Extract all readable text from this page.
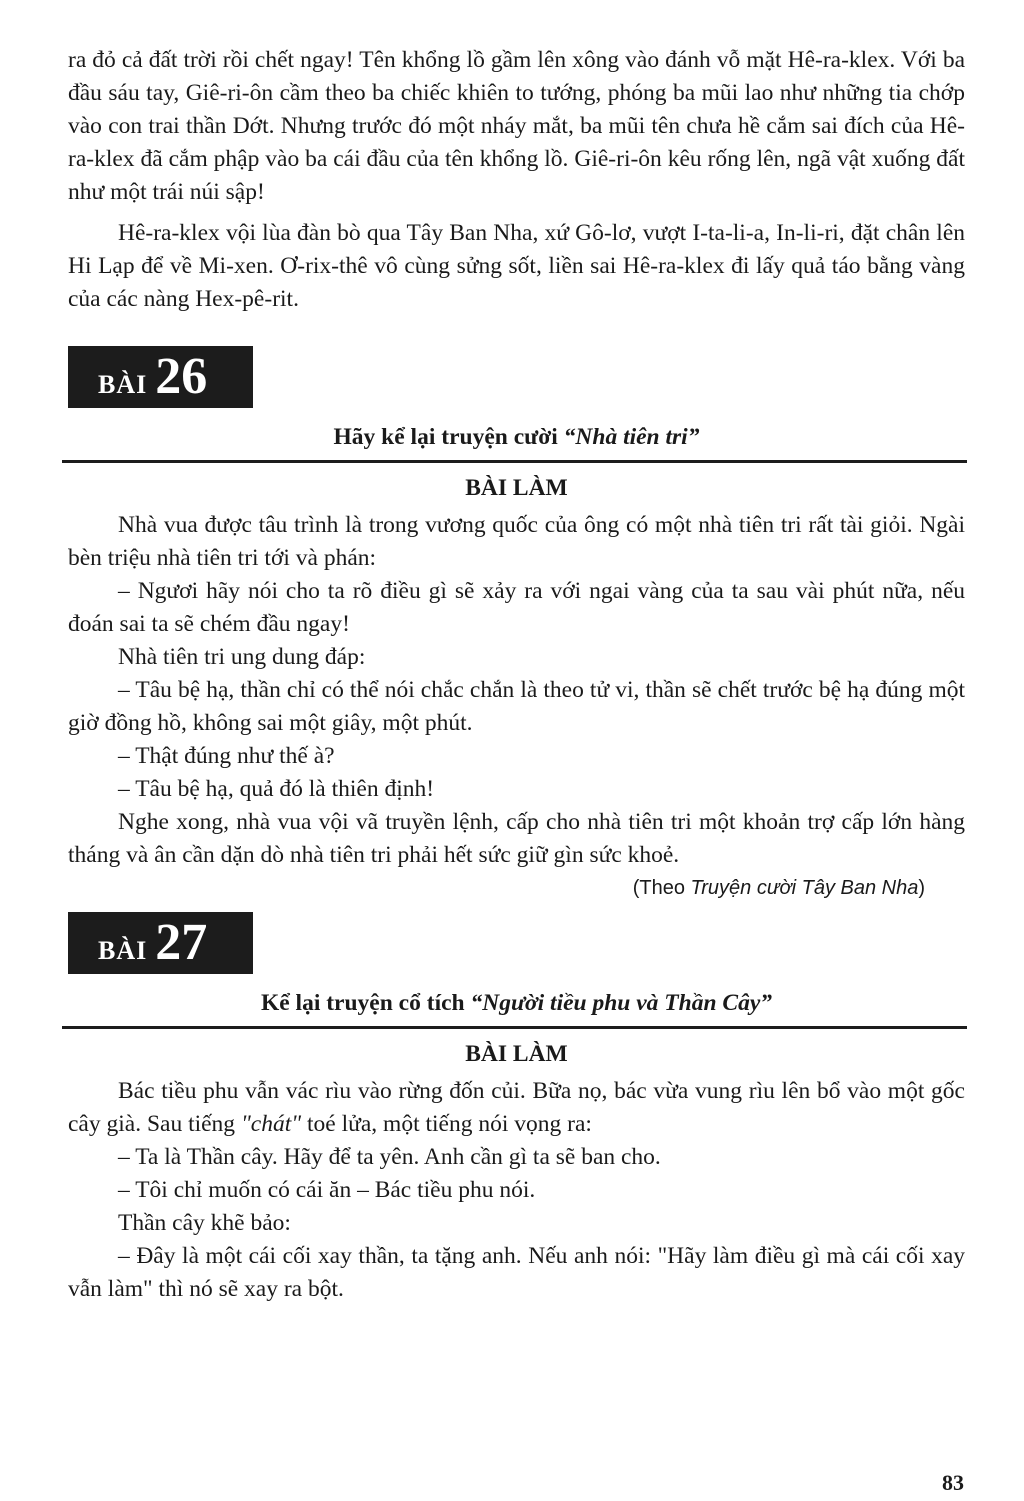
ra đỏ cả đất trời rồi chết ngay! Tên khổng lồ gầm lên xông vào đánh vỗ mặt Hê-ra-klex. Với ba đầu sáu tay, Giê-ri-ôn cầm theo ba chiếc khiên to tướng, phóng ba mũi lao như những tia chớp vào con trai thần Dớt. Nhưng trước đó một nháy mắt, ba mũi tên chưa hề cắm sai đích của Hê-ra-klex đã cắm phập vào ba cái đầu của tên khổng lồ. Giê-ri-ôn kêu rống lên, ngã vật xuống đất như một trái núi sập!

Hê-ra-klex vội lùa đàn bò qua Tây Ban Nha, xứ Gô-lơ, vượt I-ta-li-a, In-li-ri, đặt chân lên Hi Lạp để về Mi-xen. Ơ-rix-thê vô cùng sửng sốt, liền sai Hê-ra-klex đi lấy quả táo bằng vàng của các nàng Hex-pê-rit.

BÀI 26
Hãy kể lại truyện cười “Nhà tiên tri”
BÀI LÀM

Nhà vua được tâu trình là trong vương quốc của ông có một nhà tiên tri rất tài giỏi. Ngài bèn triệu nhà tiên tri tới và phán:

– Ngươi hãy nói cho ta rõ điều gì sẽ xảy ra với ngai vàng của ta sau vài phút nữa, nếu đoán sai ta sẽ chém đầu ngay!

Nhà tiên tri ung dung đáp:

– Tâu bệ hạ, thần chỉ có thể nói chắc chắn là theo tử vi, thần sẽ chết trước bệ hạ đúng một giờ đồng hồ, không sai một giây, một phút.

– Thật đúng như thế à?

– Tâu bệ hạ, quả đó là thiên định!

Nghe xong, nhà vua vội vã truyền lệnh, cấp cho nhà tiên tri một khoản trợ cấp lớn hàng tháng và ân cần dặn dò nhà tiên tri phải hết sức giữ gìn sức khoẻ.

(Theo Truyện cười Tây Ban Nha)
BÀI 27
Kể lại truyện cổ tích “Người tiều phu và Thần Cây”
BÀI LÀM

Bác tiều phu vẫn vác rìu vào rừng đốn củi. Bữa nọ, bác vừa vung rìu lên bổ vào một gốc cây già. Sau tiếng "chát" toé lửa, một tiếng nói vọng ra:

– Ta là Thần cây. Hãy để ta yên. Anh cần gì ta sẽ ban cho.

– Tôi chỉ muốn có cái ăn – Bác tiều phu nói.

Thần cây khẽ bảo:

– Đây là một cái cối xay thần, ta tặng anh. Nếu anh nói: "Hãy làm điều gì mà cái cối xay vẫn làm" thì nó sẽ xay ra bột.

83
